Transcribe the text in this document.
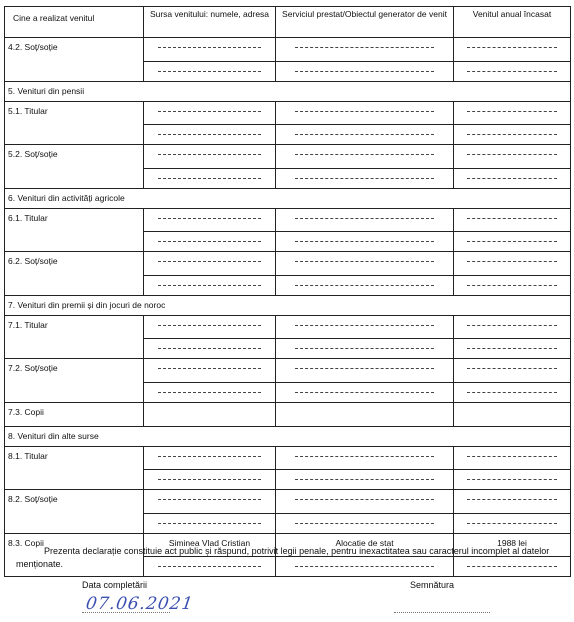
Cine a realizat venitul	Sursa venitului: numele, adresa	Serviciul prestat/Obiectul generator de venit	Venitul anual încasat
4.2. Soț/soție	

5. Venituri din pensii			
5.1. Titular	

5.2. Soț/soție	

6. Venituri din activități agricole			
6.1. Titular	

6.2. Soț/soție	

7. Venituri din premii și din jocuri de noroc			
7.1. Titular	

7.2. Soț/soție	

7.3. Copii			
8. Venituri din alte surse			
8.1. Titular	

8.2. Soț/soție	

8.3. Copii	Siminea Vlad Cristian	Alocatie de stat	1988 lei

Prezenta declarație constituie act public și răspund, potrivit legii penale, pentru inexactitatea sau caracterul incomplet al datelor menționate.
Data completării
07.06.2021
Semnătura
